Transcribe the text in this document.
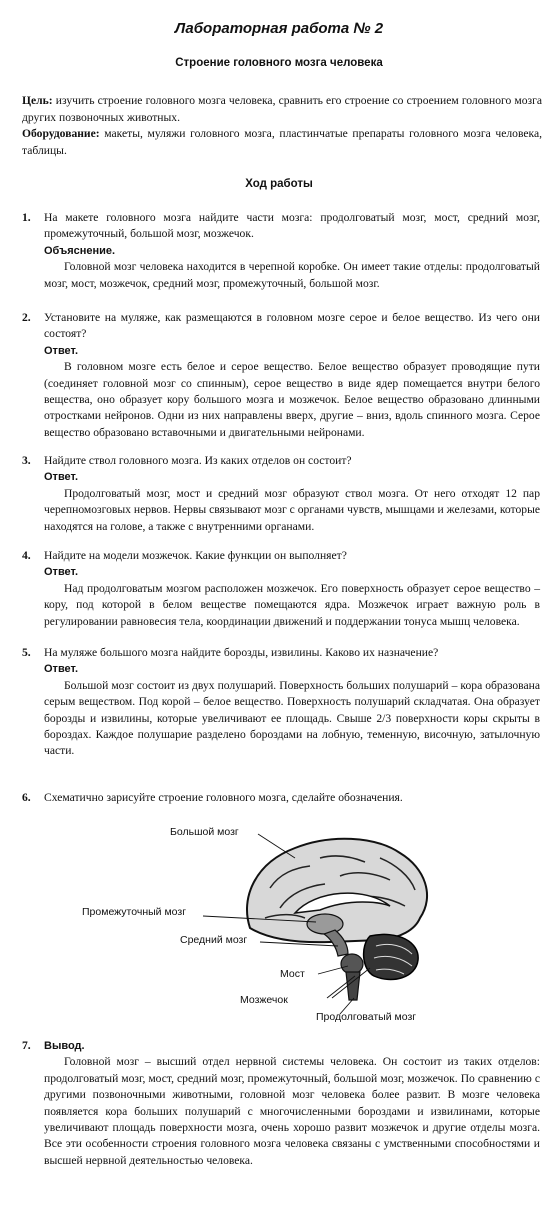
Лабораторная работа № 2
Строение головного мозга человека

Цель: изучить строение головного мозга человека, сравнить его строение со строением головного мозга других позвоночных животных.

Оборудование: макеты, муляжи головного мозга, пластинчатые препараты головного мозга человека, таблицы.

Ход работы
1. На макете головного мозга найдите части мозга: продолговатый мозг, мост, средний мозг, промежуточный, большой мозг, мозжечок.
Объяснение.
Головной мозг человека находится в черепной коробке. Он имеет такие отделы: продолговатый мозг, мост, мозжечок, средний мозг, промежуточный, большой мозг.
2. Установите на муляже, как размещаются в головном мозге серое и белое вещество. Из чего они состоят?
Ответ.
В головном мозге есть белое и серое вещество. Белое вещество образует проводящие пути (соединяет головной мозг со спинным), серое вещество в виде ядер помещается внутри белого вещества, оно образует кору большого мозга и мозжечок. Белое вещество образовано длинными отростками нейронов. Одни из них направлены вверх, другие – вниз, вдоль спинного мозга. Серое вещество образовано вставочными и двигательными нейронами.
3. Найдите ствол головного мозга. Из каких отделов он состоит?
Ответ.
Продолговатый мозг, мост и средний мозг образуют ствол мозга. От него отходят 12 пар черепномозговых нервов. Нервы связывают мозг с органами чувств, мышцами и железами, которые находятся на голове, а также с внутренними органами.
4. Найдите на модели мозжечок. Какие функции он выполняет?
Ответ.
Над продолговатым мозгом расположен мозжечок. Его поверхность образует серое вещество – кору, под которой в белом веществе помещаются ядра. Мозжечок играет важную роль в регулировании равновесия тела, координации движений и поддержании тонуса мышц человека.
5. На муляже большого мозга найдите борозды, извилины. Каково их назначение?
Ответ.
Большой мозг состоит из двух полушарий. Поверхность больших полушарий – кора образована серым веществом. Под корой – белое вещество. Поверхность полушарий складчатая. Она образует борозды и извилины, которые увеличивают ее площадь. Свыше 2/3 поверхности коры скрыты в бороздах. Каждое полушарие разделено бороздами на лобную, теменную, височную, затылочную части.
6. Схематично зарисуйте строение головного мозга, сделайте обозначения.
Большой мозг
Промежуточный мозг
Средний мозг
Мост
Мозжечок
Продолговатый мозг
7. Вывод.
Головной мозг – высший отдел нервной системы человека. Он состоит из таких отделов: продолговатый мозг, мост, средний мозг, промежуточный, большой мозг, мозжечок. По сравнению с другими позвоночными животными, головной мозг человека более развит. В мозге человека появляется кора больших полушарий с многочисленными бороздами и извилинами, которые увеличивают площадь поверхности мозга, очень хорошо развит мозжечок и другие отделы мозга. Все эти особенности строения головного мозга человека связаны с умственными способностями и высшей нервной деятельностью человека.
